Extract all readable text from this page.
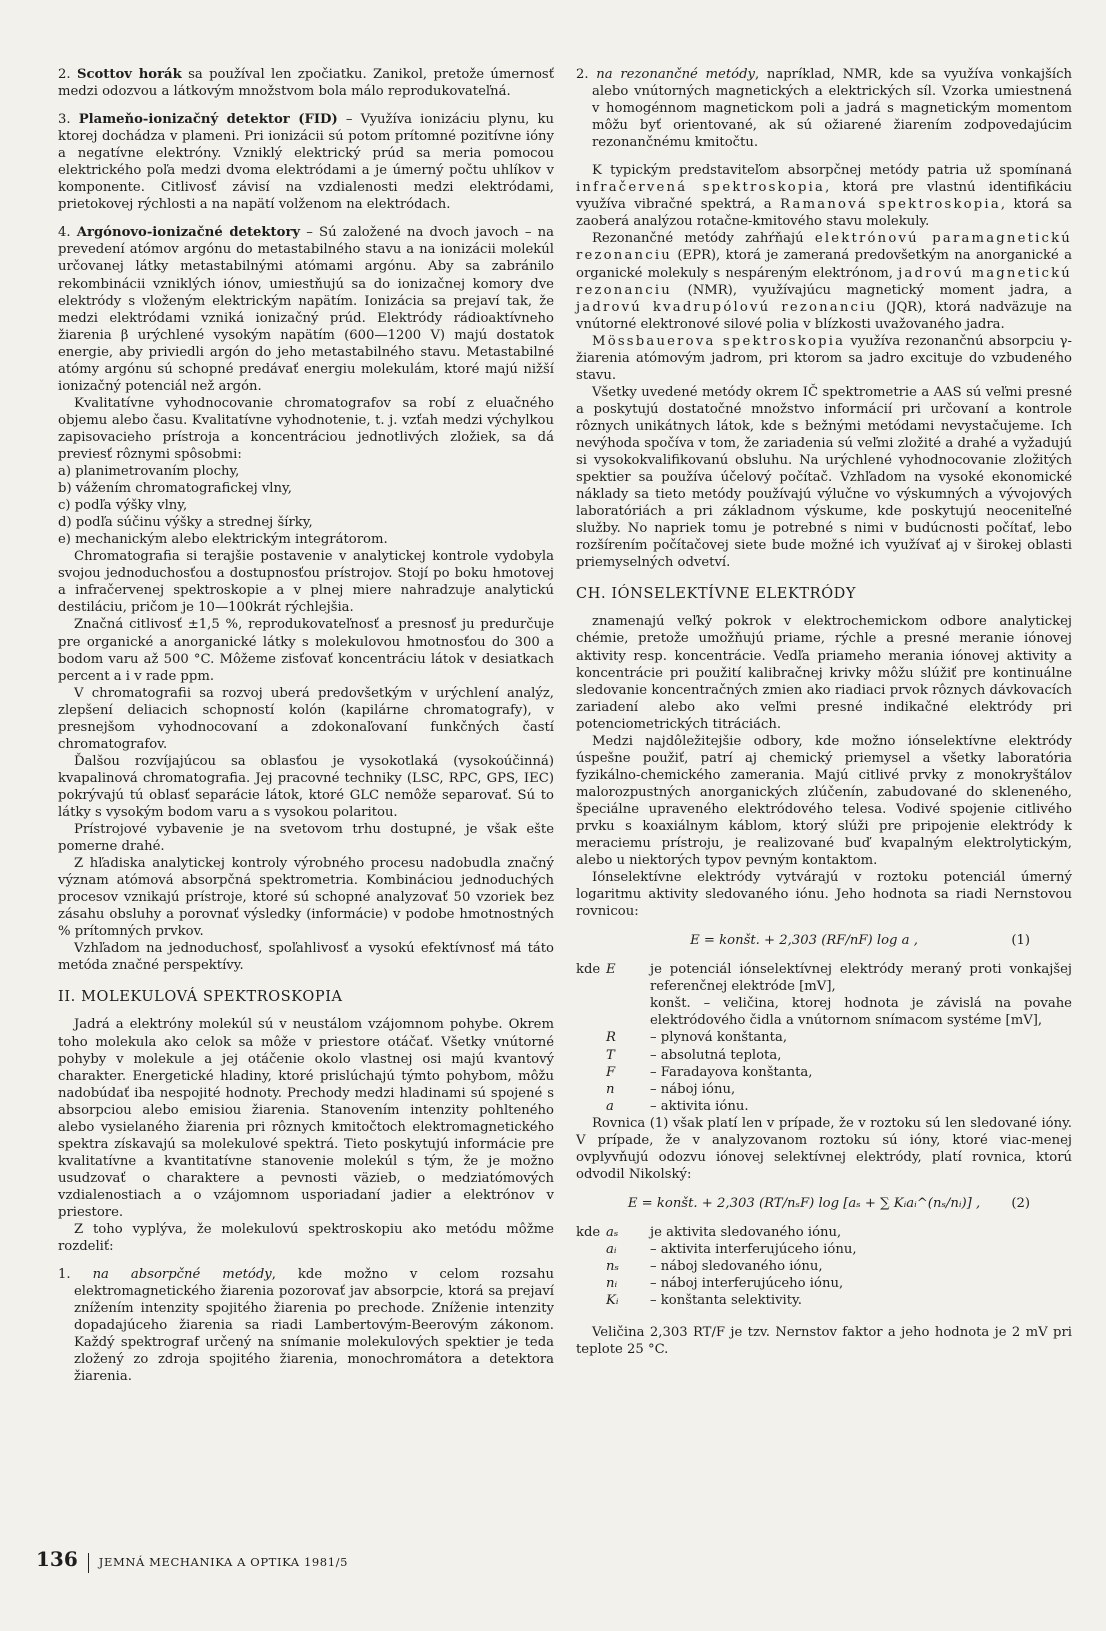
2. Scottov horák sa používal len zpočiatku. Zanikol, pretože úmernosť medzi odozvou a látkovým množstvom bola málo reprodukovateľná.

3. Plameňo-ionizačný detektor (FID) – Využíva ionizáciu plynu, ku ktorej dochádza v plameni. Pri ionizácii sú potom prítomné pozitívne ióny a negatívne elektróny. Vzniklý elektrický prúd sa meria pomocou elektrického poľa medzi dvoma elektródami a je úmerný počtu uhlíkov v komponente. Citlivosť závisí na vzdialenosti medzi elektródami, prietokovej rýchlosti a na napätí volženom na elektródach.

4. Argónovo-ionizačné detektory – Sú založené na dvoch javoch – na prevedení atómov argónu do metastabilného stavu a na ionizácii molekúl určovanej látky metastabilnými atómami argónu. Aby sa zabránilo rekombinácii vzniklých iónov, umiestňujú sa do ionizačnej komory dve elektródy s vloženým elektrickým napätím. Ionizácia sa prejaví tak, že medzi elektródami vzniká ionizačný prúd. Elektródy rádioaktívneho žiarenia β urýchlené vysokým napätím (600—1200 V) majú dostatok energie, aby priviedli argón do jeho metastabilného stavu. Metastabilné atómy argónu sú schopné predávať energiu molekulám, ktoré majú nižší ionizačný potenciál než argón.

Kvalitatívne vyhodnocovanie chromatografov sa robí z eluačného objemu alebo času. Kvalitatívne vyhodnotenie, t. j. vzťah medzi výchylkou zapisovacieho prístroja a koncentráciou jednotlivých zložiek, sa dá previesť rôznymi spôsobmi:

a) planimetrovaním plochy,

b) vážením chromatografickej vlny,

c) podľa výšky vlny,

d) podľa súčinu výšky a strednej šírky,

e) mechanickým alebo elektrickým integrátorom.

Chromatografia si terajšie postavenie v analytickej kontrole vydobyla svojou jednoduchosťou a dostupnosťou prístrojov. Stojí po boku hmotovej a infračervenej spektroskopie a v plnej miere nahradzuje analytickú destiláciu, pričom je 10—100krát rýchlejšia.

Značná citlivosť ±1,5 %, reprodukovateľnosť a presnosť ju predurčuje pre organické a anorganické látky s molekulovou hmotnosťou do 300 a bodom varu až 500 °C. Môžeme zisťovať koncentráciu látok v desiatkach percent a i v rade ppm.

V chromatografii sa rozvoj uberá predovšetkým v urýchlení analýz, zlepšení deliacich schopností kolón (kapilárne chromatografy), v presnejšom vyhodnocovaní a zdokonaľovaní funkčných častí chromatografov.

Ďalšou rozvíjajúcou sa oblasťou je vysokotlaká (vysokoúčinná) kvapalinová chromatografia. Jej pracovné techniky (LSC, RPC, GPS, IEC) pokrývajú tú oblasť separácie látok, ktoré GLC nemôže separovať. Sú to látky s vysokým bodom varu a s vysokou polaritou.

Prístrojové vybavenie je na svetovom trhu dostupné, je však ešte pomerne drahé.

Z hľadiska analytickej kontroly výrobného procesu nadobudla značný význam atómová absorpčná spektrometria. Kombináciou jednoduchých procesov vznikajú prístroje, ktoré sú schopné analyzovať 50 vzoriek bez zásahu obsluhy a porovnať výsledky (informácie) v podobe hmotnostných % prítomných prvkov.

Vzhľadom na jednoduchosť, spoľahlivosť a vysokú efektívnosť má táto metóda značné perspektívy.

II. MOLEKULOVÁ SPEKTROSKOPIA

Jadrá a elektróny molekúl sú v neustálom vzájomnom pohybe. Okrem toho molekula ako celok sa môže v priestore otáčať. Všetky vnútorné pohyby v molekule a jej otáčenie okolo vlastnej osi majú kvantový charakter. Energetické hladiny, ktoré prislúchajú týmto pohybom, môžu nadobúdať iba nespojité hodnoty. Prechody medzi hladinami sú spojené s absorpciou alebo emisiou žiarenia. Stanovením intenzity pohlteného alebo vysielaného žiarenia pri rôznych kmitočtoch elektromagnetického spektra získavajú sa molekulové spektrá. Tieto poskytujú informácie pre kvalitatívne a kvantitatívne stanovenie molekúl s tým, že je možno usudzovať o charaktere a pevnosti väzieb, o medziatómových vzdialenostiach a o vzájomnom usporiadaní jadier a elektrónov v priestore.

Z toho vyplýva, že molekulovú spektroskopiu ako metódu môžme rozdeliť:

1. na absorpčné metódy, kde možno v celom rozsahu elektromagnetického žiarenia pozorovať jav absorpcie, ktorá sa prejaví znížením intenzity spojitého žiarenia po prechode. Zníženie intenzity dopadajúceho žiarenia sa riadi Lambertovým-Beerovým zákonom. Každý spektrograf určený na snímanie molekulových spektier je teda zložený zo zdroja spojitého žiarenia, monochromátora a detektora žiarenia.

2. na rezonančné metódy, napríklad, NMR, kde sa využíva vonkajších alebo vnútorných magnetických a elektrických síl. Vzorka umiestnená v homogénnom magnetickom poli a jadrá s magnetickým momentom môžu byť orientované, ak sú ožiarené žiarením zodpovedajúcim rezonančnému kmitočtu.

K typickým predstaviteľom absorpčnej metódy patria už spomínaná infračervená spektroskopia, ktorá pre vlastnú identifikáciu využíva vibračné spektrá, a Ramanová spektroskopia, ktorá sa zaoberá analýzou rotačne-kmitového stavu molekuly.

Rezonančné metódy zahŕňajú elektrónovú paramagnetickú rezonanciu (EPR), ktorá je zameraná predovšetkým na anorganické a organické molekuly s nespáreným elektrónom, jadrovú magnetickú rezonanciu (NMR), využívajúcu magnetický moment jadra, a jadrovú kvadrupólovú rezonanciu (JQR), ktorá nadväzuje na vnútorné elektronové silové polia v blízkosti uvažovaného jadra.

Mössbauerova spektroskopia využíva rezonančnú absorpciu γ-žiarenia atómovým jadrom, pri ktorom sa jadro excituje do vzbudeného stavu.

Všetky uvedené metódy okrem IČ spektrometrie a AAS sú veľmi presné a poskytujú dostatočné množstvo informácií pri určovaní a kontrole rôznych unikátnych látok, kde s bežnými metódami nevystačujeme. Ich nevýhoda spočíva v tom, že zariadenia sú veľmi zložité a drahé a vyžadujú si vysokokvalifikovanú obsluhu. Na urýchlené vyhodnocovanie zložitých spektier sa používa účelový počítač. Vzhľadom na vysoké ekonomické náklady sa tieto metódy používajú výlučne vo výskumných a vývojových laboratóriách a pri základnom výskume, kde poskytujú neoceniteľné služby. No napriek tomu je potrebné s nimi v budúcnosti počítať, lebo rozšírením počítačovej siete bude možné ich využívať aj v širokej oblasti priemyselných odvetví.

CH. IÓNSELEKTÍVNE ELEKTRÓDY

znamenajú veľký pokrok v elektrochemickom odbore analytickej chémie, pretože umožňujú priame, rýchle a presné meranie iónovej aktivity resp. koncentrácie. Vedľa priameho merania iónovej aktivity a koncentrácie pri použití kalibračnej krivky môžu slúžiť pre kontinuálne sledovanie koncentračných zmien ako riadiaci prvok rôznych dávkovacích zariadení alebo ako veľmi presné indikačné elektródy pri potenciometrických titráciách.

Medzi najdôležitejšie odbory, kde možno iónselektívne elektródy úspešne použiť, patrí aj chemický priemysel a všetky laboratória fyzikálno-chemického zamerania. Majú citlivé prvky z monokryštálov malorozpustných anorganických zlúčenín, zabudované do skleneného, špeciálne upraveného elektródového telesa. Vodivé spojenie citlivého prvku s koaxiálnym káblom, ktorý slúži pre pripojenie elektródy k meraciemu prístroju, je realizované buď kvapalným elektrolytickým, alebo u niektorých typov pevným kontaktom.

Iónselektívne elektródy vytvárajú v roztoku potenciál úmerný logaritmu aktivity sledovaného iónu. Jeho hodnota sa riadi Nernstovou rovnicou:

E = konšt. + 2,303 (RF/nF) log a ,	(1)
kde E	je potenciál iónselektívnej elektródy meraný proti vonkajšej referenčnej elektróde [mV],
konšt. – veličina, ktorej hodnota je závislá na povahe elektródového čidla a vnútornom snímacom systéme [mV],
R	– plynová konštanta,
T	– absolutná teplota,
F	– Faradayova konštanta,
n	– náboj iónu,
a	– aktivita iónu.

Rovnica (1) však platí len v prípade, že v roztoku sú len sledované ióny. V prípade, že v analyzovanom roztoku sú ióny, ktoré viac-menej ovplyvňujú odozvu iónovej selektívnej elektródy, platí rovnica, ktorú odvodil Nikolský:

E = konšt. + 2,303 (RT/nₛF) log [aₛ + ∑ Kᵢaᵢ^(nₛ/nᵢ)] , (2)
kde aₛ	je aktivita sledovaného iónu,
aᵢ	– aktivita interferujúceho iónu,
nₛ	– náboj sledovaného iónu,
nᵢ	– náboj interferujúceho iónu,
Kᵢ	– konštanta selektivity.

Veličina 2,303 RT/F je tzv. Nernstov faktor a jeho hodnota je 2 mV pri teplote 25 °C.

136 JEMNÁ MECHANIKA A OPTIKA 1981/5
